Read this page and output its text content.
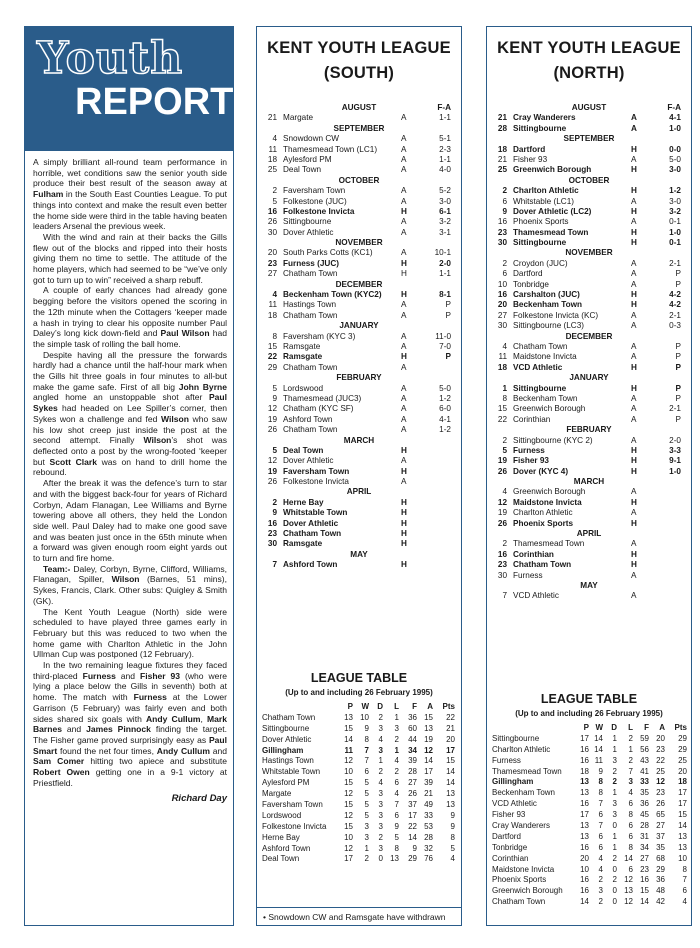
Youth
REPORT

A simply brilliant all-round team performance in horrible, wet conditions saw the senior youth side produce their best result of the season away at Fulham in the South East Counties League. To put things into context and make the result even better the home side were third in the table having beaten leaders Arsenal the previous week.

With the wind and rain at their backs the Gills flew out of the blocks and ripped into their hosts giving them no time to settle. The attitude of the home players, which had seemed to be “we’ve only got to turn up to win” received a sharp rebuff.

A couple of early chances had already gone begging before the visitors opened the scoring in the 12th minute when the Cottagers ‘keeper made a hash in trying to clear his opposite number Paul Daley’s long kick down-field and Paul Wilson had the simple task of rolling the ball home.

Despite having all the pressure the forwards hardly had a chance until the half-hour mark when the Gills hit three goals in four minutes to all-but make the game safe. First of all big John Byrne angled home an unstoppable shot after Paul Sykes had headed on Lee Spiller’s corner, then Sykes won a challenge and fed Wilson who saw his low shot creep just inside the post at the second attempt. Finally Wilson’s shot was deflected onto a post by the wrong-footed ‘keeper but Scott Clark was on hand to drill home the rebound.

After the break it was the defence’s turn to star and with the biggest back-four for years of Richard Corbyn, Adam Flanagan, Lee Williams and Byrne towering above all others, they held the London side well. Paul Daley had to make one good save and was beaten just once in the 65th minute when a forward was given enough room eight yards out to turn and fire home.

Team:- Daley, Corbyn, Byrne, Clifford, Williams, Flanagan, Spiller, Wilson (Barnes, 51 mins), Sykes, Francis, Clark. Other subs: Quigley & Smith (GK).

The Kent Youth League (North) side were scheduled to have played three games early in February but this was reduced to two when the home game with Charlton Athletic in the John Ullman Cup was postponed (12 February).

In the two remaining league fixtures they faced third-placed Furness and Fisher 93 (who were lying a place below the Gills in seventh) both at home. The match with Furness at the Lower Garrison (5 February) was fairly even and both sides shared six goals with Andy Cullum, Mark Barnes and James Pinnock finding the target. The Fisher game proved surprisingly easy as Paul Smart found the net four times, Andy Cullum and Sam Comer hitting two apiece and substitute Robert Owen getting one in a 9-1 victory at Priestfield.

Richard Day
KENT YOUTH LEAGUE
(SOUTH)
AUGUST	F-A
21 Margate	A	1-1
SEPTEMBER
4 Snowdown CW	A	5-1
11 Thamesmead Town (LC1)	A	2-3
18 Aylesford PM	A	1-1
25 Deal Town	A	4-0
OCTOBER
2 Faversham Town	A	5-2
5 Folkestone (JUC)	A	3-0
16 Folkestone Invicta	H	6-1
26 Sittingbourne	A	3-2
30 Dover Athletic	A	3-1
NOVEMBER
20 South Parks Cotts (KC1)	A	10-1
23 Furness (JUC)	H	2-0
27 Chatham Town	H	1-1
DECEMBER
4 Beckenham Town (KYC2) H	8-1
11 Hastings Town	A	P
18 Chatham Town	A	P
JANUARY
8 Faversham (KYC 3)	A	11-0
15 Ramsgate	A	7-0
22 Ramsgate	H	P
29 Chatham Town	A
FEBRUARY
5 Lordswood	A	5-0
9 Thamesmead (JUC3)	A	1-2
12 Chatham (KYC SF)	A	6-0
19 Ashford Town	A	4-1
26 Chatham Town	A	1-2
MARCH
5 Deal Town	H
12 Dover Athletic	A
19 Faversham Town	H
26 Folkestone Invicta	A
APRIL
2 Herne Bay	H
9 Whitstable Town	H
16 Dover Athletic	H
23 Chatham Town	H
30 Ramsgate	H
MAY
7 Ashford Town	H
LEAGUE TABLE
(Up to and including 26 February 1995)
P W D L F A Pts
Chatham Town	13 10 2 1 36 15 22
Sittingbourne	15 9 3 3 60 13 21
Dover Athletic	14 8 4 2 44 19 20
Gillingham	11 7 3 1 34 12 17
Hastings Town	12 7 1 4 39 14 15
Whitstable Town	10 6 2 2 28 17 14
Aylesford PM	15 5 4 6 27 39 14
Margate	12 5 3 4 26 21 13
Faversham Town	15 5 3 7 37 49 13
Lordswood	12 5 3 6 17 33 9
Folkestone Invicta 15 3 3 9 22 53 9
Herne Bay	10 3 2 5 14 28 8
Ashford Town	12 1 3 8 9 32 5
Deal Town	17 2 0 13 29 76 4
• Snowdown CW and Ramsgate have withdrawn
KENT YOUTH LEAGUE
(NORTH)
AUGUST	F-A
21 Cray Wanderers	A	4-1
28 Sittingbourne	A	1-0
SEPTEMBER
18 Dartford	H	0-0
21 Fisher 93	A	5-0
25 Greenwich Borough	H	3-0
OCTOBER
2 Charlton Athletic	H	1-2
6 Whitstable (LC1)	A	3-0
9 Dover Athletic (LC2)	H	3-2
16 Phoenix Sports	A	0-1
23 Thamesmead Town	H	1-0
30 Sittingbourne	H	0-1
NOVEMBER
2 Croydon (JUC)	A	2-1
6 Dartford	A	P
10 Tonbridge	A	P
16 Carshalton (JUC)	H	4-2
20 Beckenham Town	H	4-2
27 Folkestone Invicta (KC)	A	2-1
30 Sittingbourne (LC3)	A	0-3
DECEMBER
4 Chatham Town	A	P
11 Maidstone Invicta	A	P
18 VCD Athletic	H	P
JANUARY
1 Sittingbourne	H	P
8 Beckenham Town	A	P
15 Greenwich Borough	A	2-1
22 Corinthian	A	P
FEBRUARY
2 Sittingbourne (KYC 2)	A	2-0
5 Furness	H	3-3
19 Fisher 93	H	9-1
26 Dover (KYC 4)	H	1-0
MARCH
4 Greenwich Borough	A
12 Maidstone Invicta	H
19 Charlton Athletic	A
26 Phoenix Sports	H
APRIL
2 Thamesmead Town	A
16 Corinthian	H
23 Chatham Town	H
30 Furness	A
MAY
7 VCD Athletic	A
LEAGUE TABLE
(Up to and including 26 February 1995)
P W D L F A Pts
Sittingbourne	17 14 1 2 59 20 29
Charlton Athletic	16 14 1 1 56 23 29
Furness	16 11 3 2 43 22 25
Thamesmead Town 18 9 2 7 41 25 20
Gillingham	13 8 2 3 33 12 18
Beckenham Town	13 8 1 4 35 23 17
VCD Athletic	16 7 3 6 36 26 17
Fisher 93	17 6 3 8 45 65 15
Cray Wanderers	13 7 0 6 28 27 14
Dartford	13 6 1 6 31 37 13
Tonbridge	16 6 1 8 34 35 13
Corinthian	20 4 2 14 27 68 10
Maidstone Invicta	10 4 0 6 23 29 8
Phoenix Sports	16 2 2 12 16 36 7
Greenwich Borough 16 3 0 13 15 48 6
Chatham Town	14 2 0 12 14 42 4
